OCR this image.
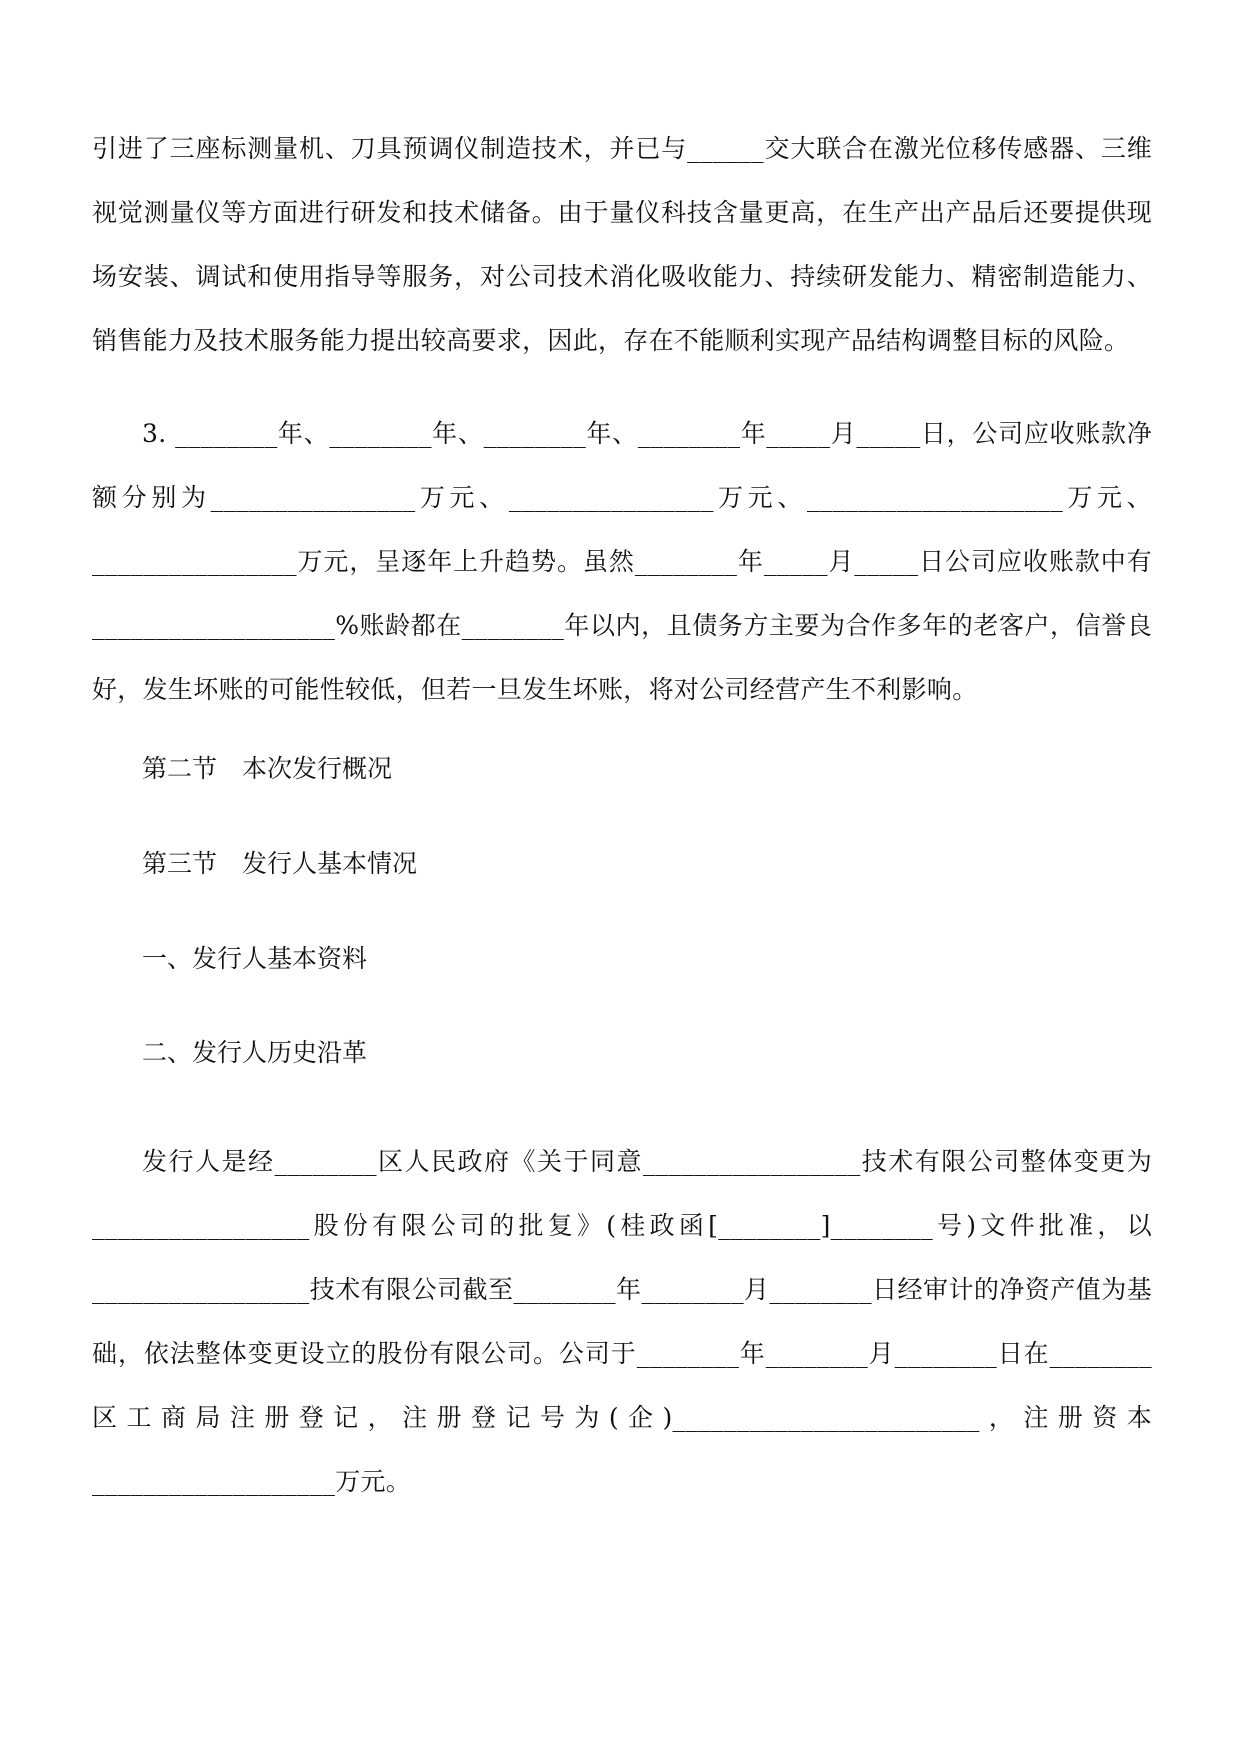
引进了三座标测量机、刀具预调仪制造技术，并已与______交大联合在激光位移传感器、三维视觉测量仪等方面进行研发和技术储备。由于量仪科技含量更高，在生产出产品后还要提供现场安装、调试和使用指导等服务，对公司技术消化吸收能力、持续研发能力、精密制造能力、销售能力及技术服务能力提出较高要求，因此，存在不能顺利实现产品结构调整目标的风险。

3. ________年、________年、________年、________年_____月_____日，公司应收账款净额分别为________________万元、________________万元、____________________万元、________________万元，呈逐年上升趋势。虽然________年_____月_____日公司应收账款中有___________________%账龄都在________年以内，且债务方主要为合作多年的老客户，信誉良好，发生坏账的可能性较低，但若一旦发生坏账，将对公司经营产生不利影响。

第二节　本次发行概况
第三节　发行人基本情况
一、发行人基本资料
二、发行人历史沿革

发行人是经________区人民政府《关于同意_________________技术有限公司整体变更为_________________股份有限公司的批复》(桂政函[________]________号)文件批准，以_________________技术有限公司截至________年________月________日经审计的净资产值为基础，依法整体变更设立的股份有限公司。公司于________年________月________日在________区工商局注册登记，注册登记号为(企)________________________，注册资本___________________万元。
